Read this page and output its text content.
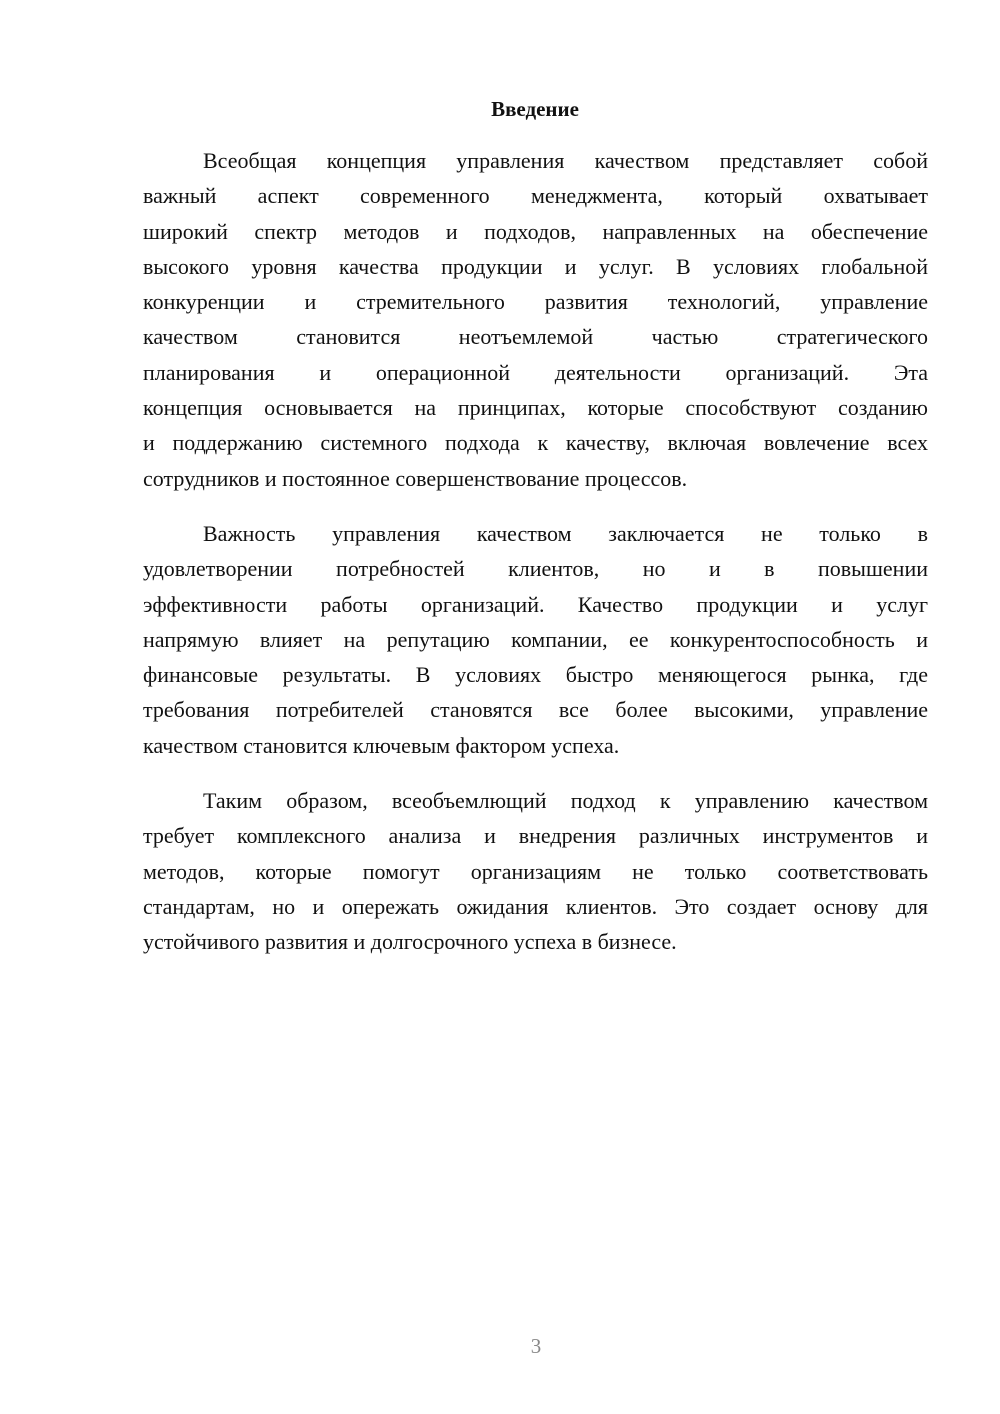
Введение
Всеобщая концепция управления качеством представляет собой
важный аспект современного менеджмента, который охватывает
широкий спектр методов и подходов, направленных на обеспечение
высокого уровня качества продукции и услуг. В условиях глобальной
конкуренции и стремительного развития технологий, управление
качеством становится неотъемлемой частью стратегического
планирования и операционной деятельности организаций. Эта
концепция основывается на принципах, которые способствуют созданию
и поддержанию системного подхода к качеству, включая вовлечение всех
сотрудников и постоянное совершенствование процессов.
Важность управления качеством заключается не только в
удовлетворении потребностей клиентов, но и в повышении
эффективности работы организаций. Качество продукции и услуг
напрямую влияет на репутацию компании, ее конкурентоспособность и
финансовые результаты. В условиях быстро меняющегося рынка, где
требования потребителей становятся все более высокими, управление
качеством становится ключевым фактором успеха.
Таким образом, всеобъемлющий подход к управлению качеством
требует комплексного анализа и внедрения различных инструментов и
методов, которые помогут организациям не только соответствовать
стандартам, но и опережать ожидания клиентов. Это создает основу для
устойчивого развития и долгосрочного успеха в бизнесе.
3
